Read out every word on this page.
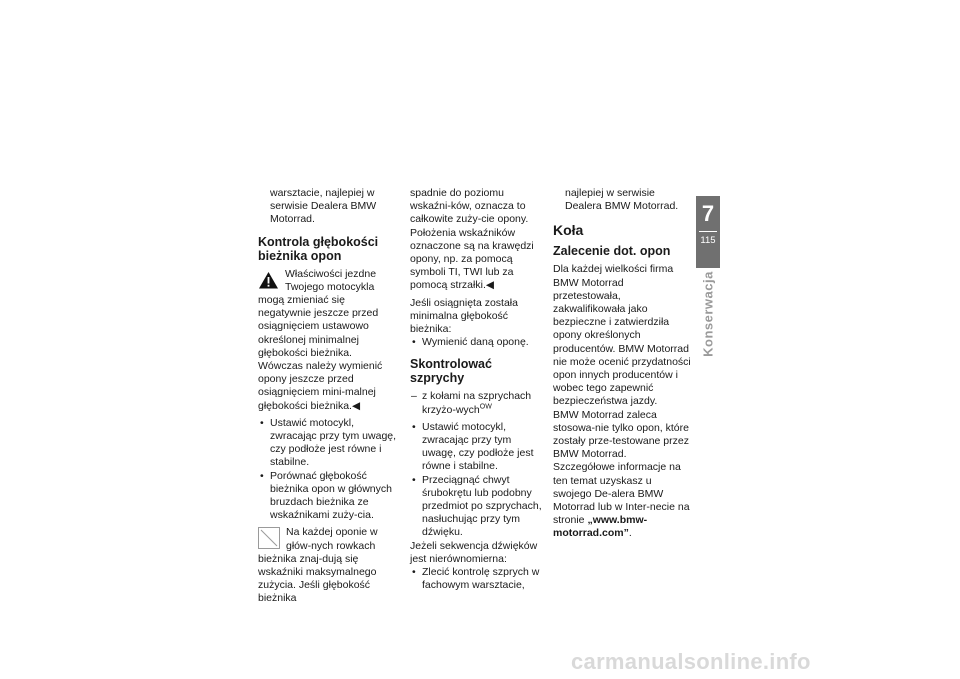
warsztacie, najlepiej w serwisie Dealera BMW Motorrad.

Kontrola głębokości bieżnika opon

Właściwości jezdne Twojego motocykla mogą zmieniać się negatywnie jeszcze przed osiągnięciem ustawowo określonej minimalnej głębokości bieżnika.

Wówczas należy wymienić opony jeszcze przed osiągnięciem mini-malnej głębokości bieżnika.◀

• Ustawić motocykl, zwracając przy tym uwagę, czy podłoże jest równe i stabilne.
• Porównać głębokość bieżnika opon w głównych bruzdach bieżnika ze wskaźnikami zuży-cia.

Na każdej oponie w głów-nych rowkach bieżnika znaj-dują się wskaźniki maksymalnego zużycia. Jeśli głębokość bieżnika

spadnie do poziomu wskaźni-ków, oznacza to całkowite zuży-cie opony. Położenia wskaźników oznaczone są na krawędzi opony, np. za pomocą symboli TI, TWI lub za pomocą strzałki.◀

Jeśli osiągnięta została minimalna głębokość bieżnika:

• Wymienić daną oponę.
Skontrolować szprychy
– z kołami na szprychach krzyżo-wych$^{OW}$
• Ustawić motocykl, zwracając przy tym uwagę, czy podłoże jest równe i stabilne.
• Przeciągnąć chwyt śrubokrętu lub podobny przedmiot po szprychach, nasłuchując przy tym dźwięku.

Jeżeli sekwencja dźwięków jest nierównomierna:

• Zlecić kontrolę szprych w fachowym warsztacie,

najlepiej w serwisie Dealera BMW Motorrad.

Koła
Zalecenie dot. opon

Dla każdej wielkości firma BMW Motorrad przetestowała, zakwalifikowała jako bezpieczne i zatwierdziła opony określonych producentów. BMW Motorrad nie może ocenić przydatności opon innych producentów i wobec tego zapewnić bezpieczeństwa jazdy.

BMW Motorrad zaleca stosowa-nie tylko opon, które zostały prze-testowane przez BMW Motorrad. Szczegółowe informacje na ten temat uzyskasz u swojego De-alera BMW Motorrad lub w Inter-necie na stronie „www.bmw-motorrad.com”.

7
115
Konserwacja
carmanualsonline.info
